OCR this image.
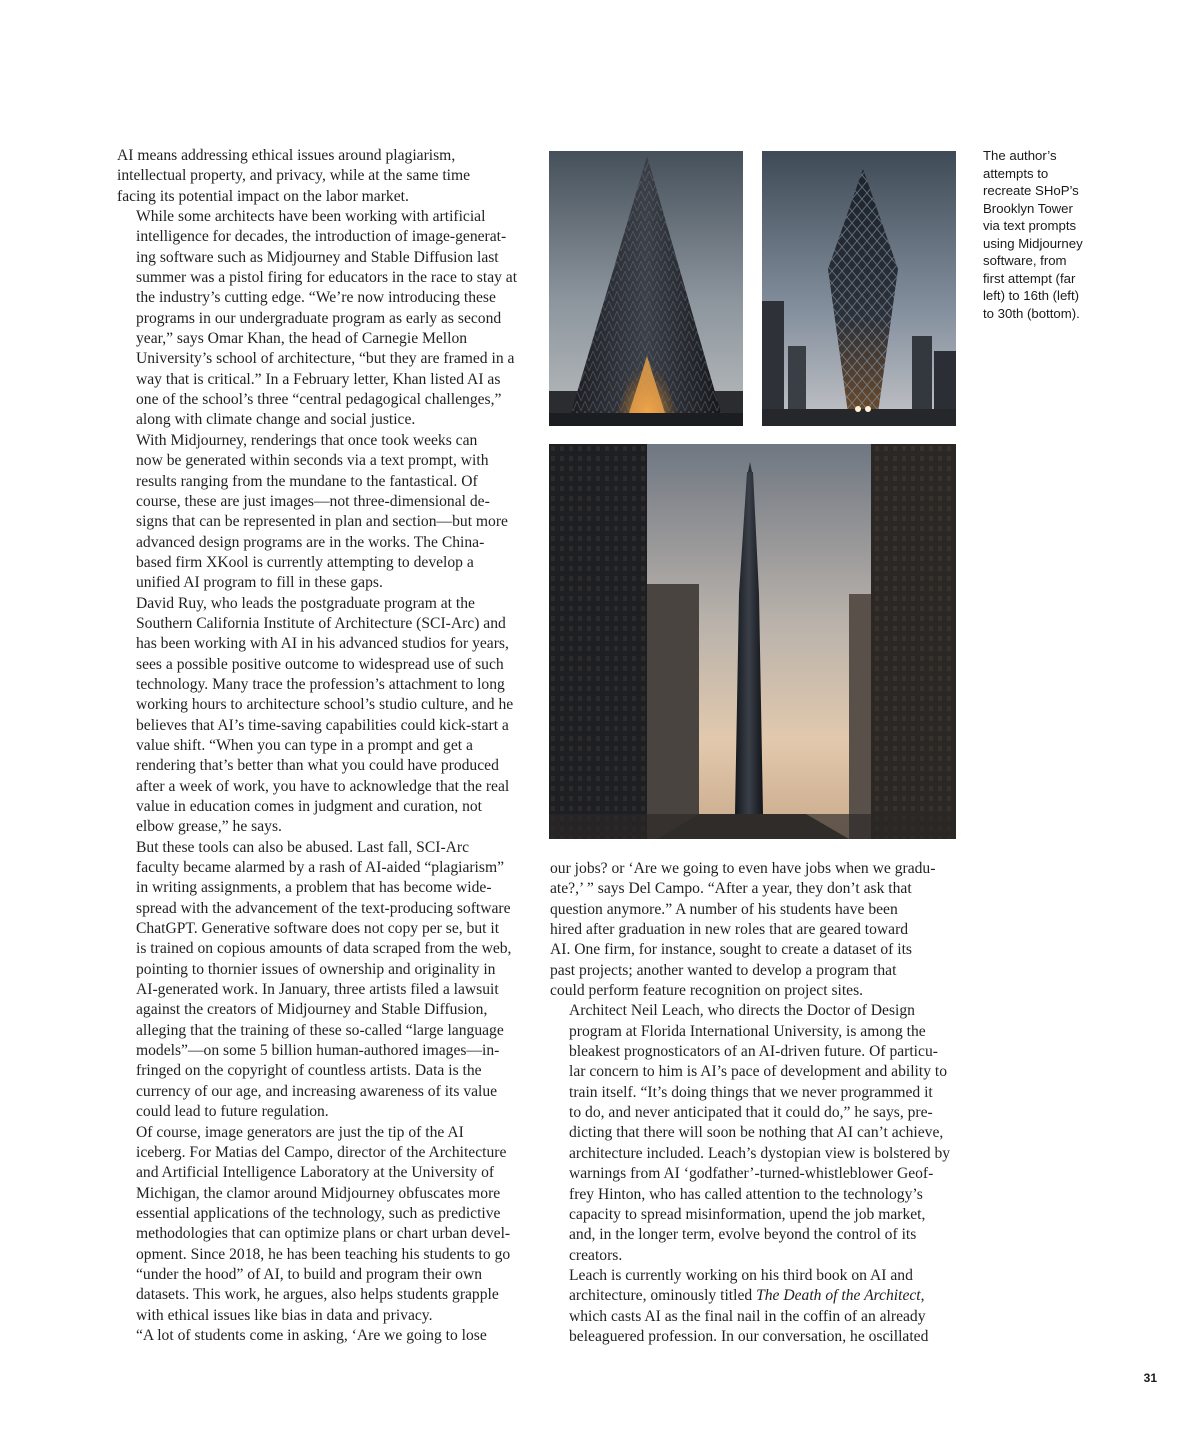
AI means addressing ethical issues around plagiarism,
intellectual property, and privacy, while at the same time
facing its potential impact on the labor market.

While some architects have been working with artificial
intelligence for decades, the introduction of image-generat-
ing software such as Midjourney and Stable Diffusion last
summer was a pistol firing for educators in the race to stay at
the industry’s cutting edge. “We’re now introducing these
programs in our undergraduate program as early as second
year,” says Omar Khan, the head of Carnegie Mellon
University’s school of architecture, “but they are framed in a
way that is critical.” In a February letter, Khan listed AI as
one of the school’s three “central pedagogical challenges,”
along with climate change and social justice.

With Midjourney, renderings that once took weeks can
now be generated within seconds via a text prompt, with
results ranging from the mundane to the fantastical. Of
course, these are just images—not three-dimensional de-
signs that can be represented in plan and section—but more
advanced design programs are in the works. The China-
based firm XKool is currently attempting to develop a
unified AI program to fill in these gaps.

David Ruy, who leads the postgraduate program at the
Southern California Institute of Architecture (SCI-Arc) and
has been working with AI in his advanced studios for years,
sees a possible positive outcome to widespread use of such
technology. Many trace the profession’s attachment to long
working hours to architecture school’s studio culture, and he
believes that AI’s time-saving capabilities could kick-start a
value shift. “When you can type in a prompt and get a
rendering that’s better than what you could have produced
after a week of work, you have to acknowledge that the real
value in education comes in judgment and curation, not
elbow grease,” he says.

But these tools can also be abused. Last fall, SCI-Arc
faculty became alarmed by a rash of AI-aided “plagiarism”
in writing assignments, a problem that has become wide-
spread with the advancement of the text-producing software
ChatGPT. Generative software does not copy per se, but it
is trained on copious amounts of data scraped from the web,
pointing to thornier issues of ownership and originality in
AI-generated work. In January, three artists filed a lawsuit
against the creators of Midjourney and Stable Diffusion,
alleging that the training of these so-called “large language
models”—on some 5 billion human-authored images—in-
fringed on the copyright of countless artists. Data is the
currency of our age, and increasing awareness of its value
could lead to future regulation.

Of course, image generators are just the tip of the AI
iceberg. For Matias del Campo, director of the Architecture
and Artificial Intelligence Laboratory at the University of
Michigan, the clamor around Midjourney obfuscates more
essential applications of the technology, such as predictive
methodologies that can optimize plans or chart urban devel-
opment. Since 2018, he has been teaching his students to go
“under the hood” of AI, to build and program their own
datasets. This work, he argues, also helps students grapple
with ethical issues like bias in data and privacy.

“A lot of students come in asking, ‘Are we going to lose

our jobs? or ‘Are we going to even have jobs when we gradu-
ate?,’ ” says Del Campo. “After a year, they don’t ask that
question anymore.” A number of his students have been
hired after graduation in new roles that are geared toward
AI. One firm, for instance, sought to create a dataset of its
past projects; another wanted to develop a program that
could perform feature recognition on project sites.

Architect Neil Leach, who directs the Doctor of Design
program at Florida International University, is among the
bleakest prognosticators of an AI-driven future. Of particu-
lar concern to him is AI’s pace of development and ability to
train itself. “It’s doing things that we never programmed it
to do, and never anticipated that it could do,” he says, pre-
dicting that there will soon be nothing that AI can’t achieve,
architecture included. Leach’s dystopian view is bolstered by
warnings from AI ‘godfather’-turned-whistleblower Geof-
frey Hinton, who has called attention to the technology’s
capacity to spread misinformation, upend the job market,
and, in the longer term, evolve beyond the control of its
creators.

Leach is currently working on his third book on AI and
architecture, ominously titled The Death of the Architect,
which casts AI as the final nail in the coffin of an already
beleaguered profession. In our conversation, he oscillated

The author’s
attempts to
recreate SHoP’s
Brooklyn Tower
via text prompts
using Midjourney
software, from
first attempt (far
left) to 16th (left)
to 30th (bottom).
31
